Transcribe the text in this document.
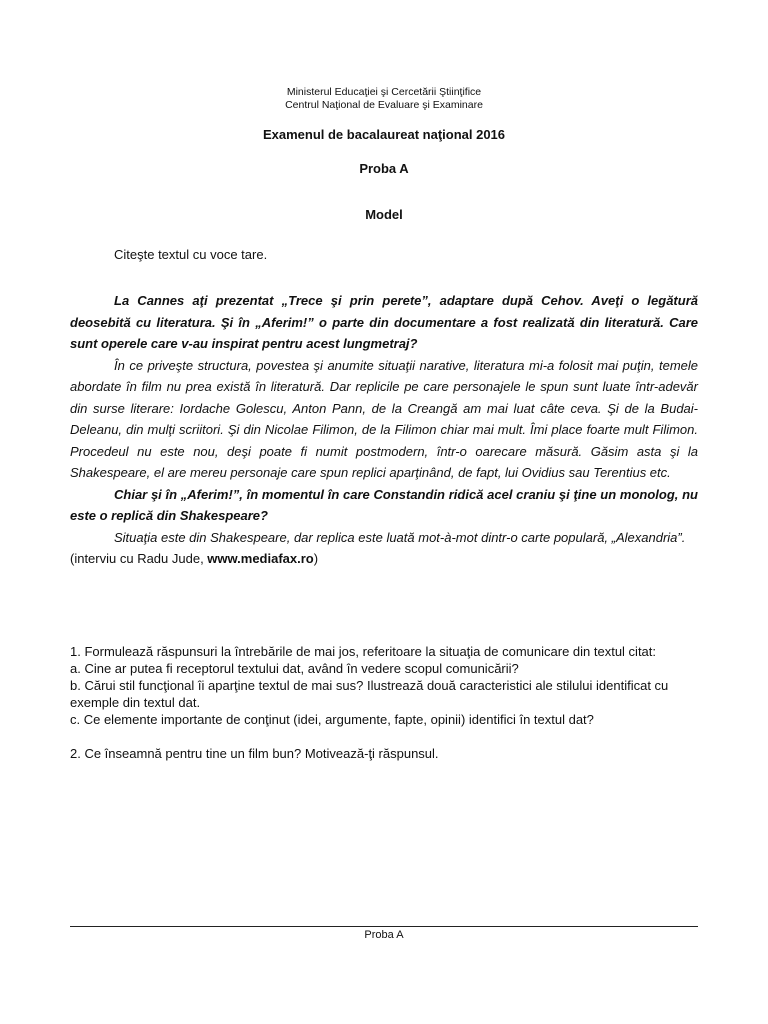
Ministerul Educaţiei şi Cercetării Ştiinţifice
Centrul Naţional de Evaluare şi Examinare
Examenul de bacalaureat naţional 2016
Proba A
Model
Citeşte textul cu voce tare.

La Cannes aţi prezentat „Trece şi prin perete”, adaptare după Cehov. Aveţi o legătură deosebită cu literatura. Şi în „Aferim!” o parte din documentare a fost realizată din literatură. Care sunt operele care v-au inspirat pentru acest lungmetraj?

În ce priveşte structura, povestea şi anumite situaţii narative, literatura mi-a folosit mai puţin, temele abordate în film nu prea există în literatură. Dar replicile pe care personajele le spun sunt luate într-adevăr din surse literare: Iordache Golescu, Anton Pann, de la Creangă am mai luat câte ceva. Şi de la Budai-Deleanu, din mulţi scriitori. Şi din Nicolae Filimon, de la Filimon chiar mai mult. Îmi place foarte mult Filimon. Procedeul nu este nou, deşi poate fi numit postmodern, într-o oarecare măsură. Găsim asta şi la Shakespeare, el are mereu personaje care spun replici aparţinând, de fapt, lui Ovidius sau Terentius etc.

Chiar şi în „Aferim!”, în momentul în care Constandin ridică acel craniu şi ţine un monolog, nu este o replică din Shakespeare?

Situaţia este din Shakespeare, dar replica este luată mot-à-mot dintr-o carte populară, „Alexandria”.

(interviu cu Radu Jude, www.mediafax.ro)

1. Formulează răspunsuri la întrebările de mai jos, referitoare la situaţia de comunicare din textul citat:
a. Cine ar putea fi receptorul textului dat, având în vedere scopul comunicării?
b. Cărui stil funcţional îi aparţine textul de mai sus? Ilustrează două caracteristici ale stilului identificat cu exemple din textul dat.
c. Ce elemente importante de conţinut (idei, argumente, fapte, opinii) identifici în textul dat?
2. Ce înseamnă pentru tine un film bun? Motivează-ţi răspunsul.
Proba A
